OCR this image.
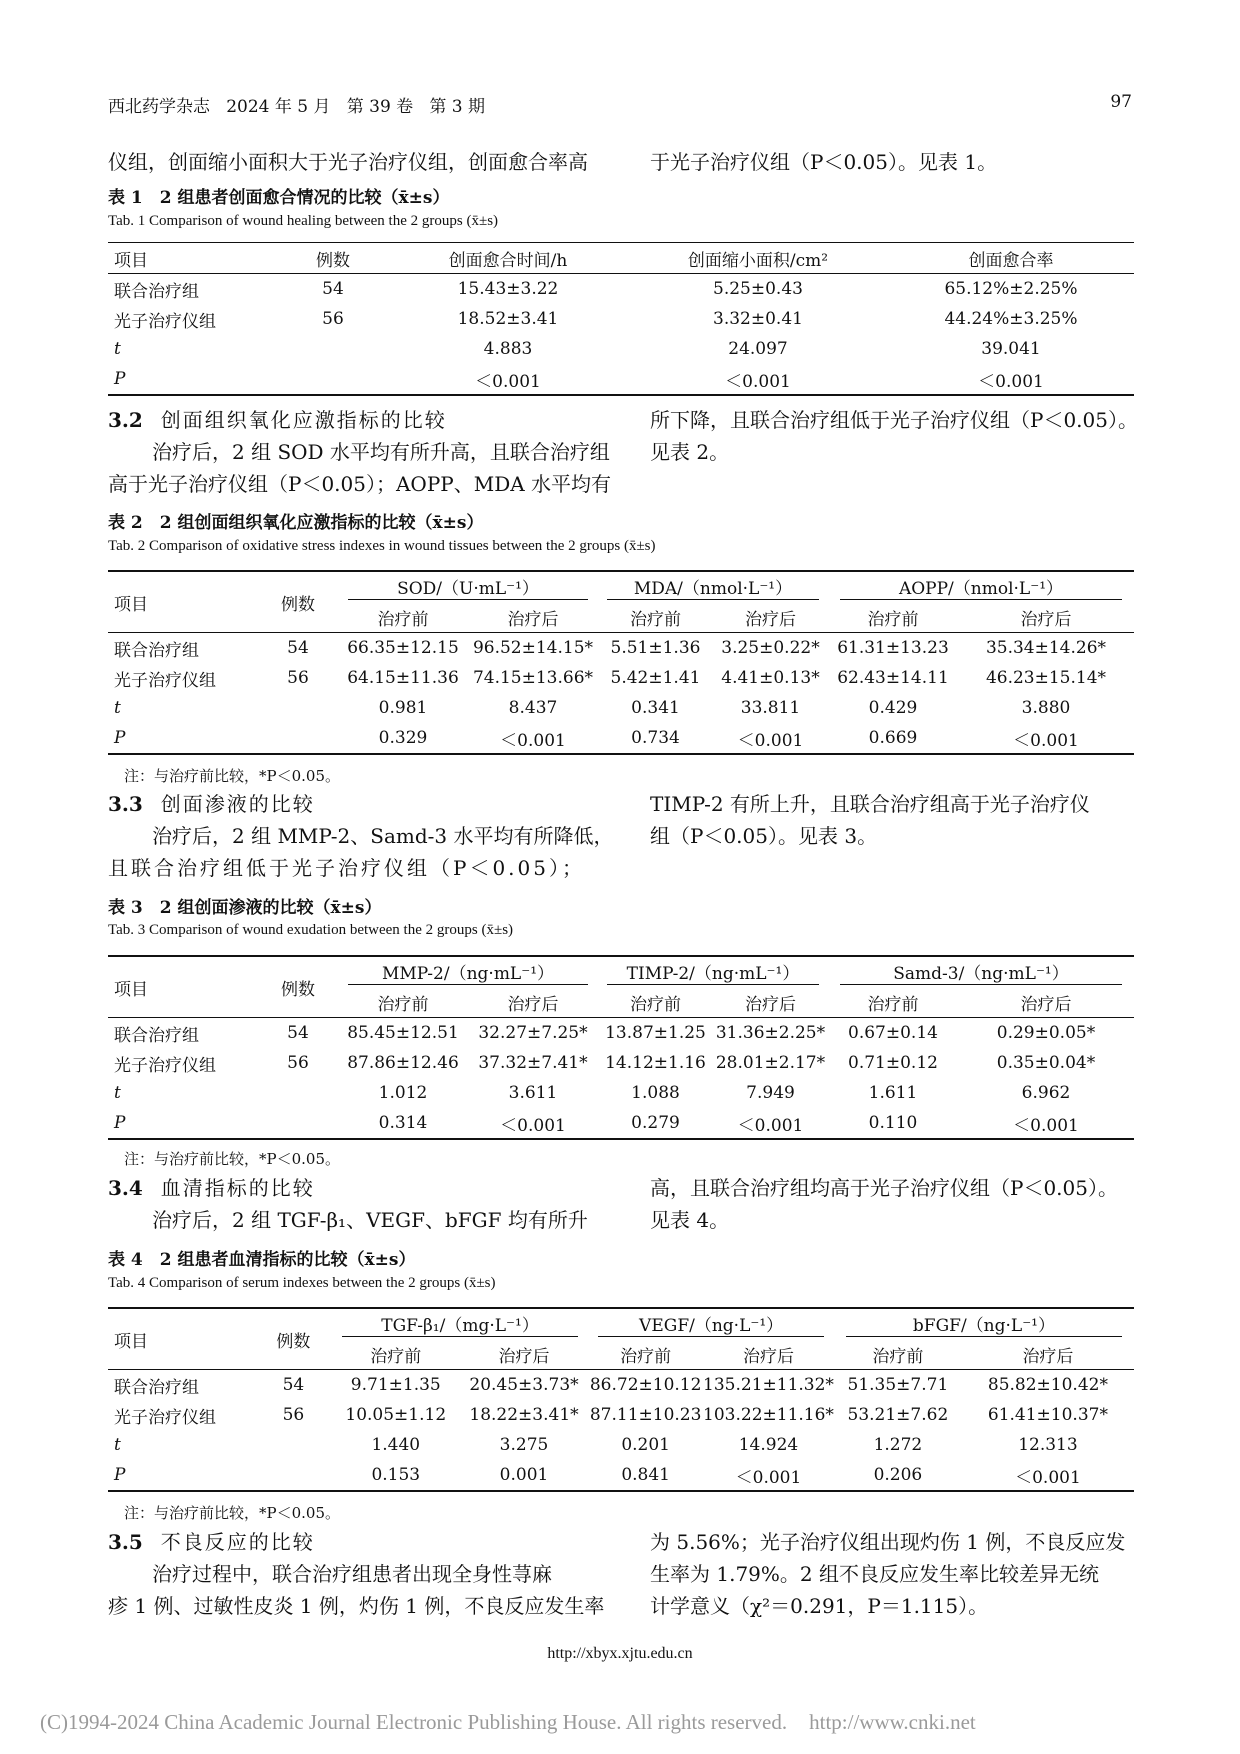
西北药学杂志 2024 年 5 月 第 39 卷 第 3 期	97
仪组，创面缩小面积大于光子治疗仪组，创面愈合率高	于光子治疗仪组（P＜0.05）。见表 1。
表 1　2 组患者创面愈合情况的比较（x̄±s）
Tab. 1 Comparison of wound healing between the 2 groups (x̄±s)
项目	例数	创面愈合时间/h	创面缩小面积/cm²	创面愈合率
联合治疗组	54	15.43±3.22	5.25±0.43	65.12%±2.25%
光子治疗仪组	56	18.52±3.41	3.32±0.41	44.24%±3.25%
t		4.883	24.097	39.041
P		＜0.001	＜0.001	＜0.001
3.2 创面组织氧化应激指标的比较
治疗后，2 组 SOD 水平均有所升高，且联合治疗组
高于光子治疗仪组（P＜0.05）；AOPP、MDA 水平均有
所下降，且联合治疗组低于光子治疗仪组（P＜0.05）。
见表 2。
表 2　2 组创面组织氧化应激指标的比较（x̄±s）
Tab. 2 Comparison of oxidative stress indexes in wound tissues between the 2 groups (x̄±s)
项目	例数	SOD/（U·mL⁻¹）		MDA/（nmol·L⁻¹）		AOPP/（nmol·L⁻¹）	
		治疗前	治疗后	治疗前	治疗后	治疗前	治疗后
联合治疗组	54	66.35±12.15	96.52±14.15*	5.51±1.36	3.25±0.22*	61.31±13.23	35.34±14.26*
光子治疗仪组	56	64.15±11.36	74.15±13.66*	5.42±1.41	4.41±0.13*	62.43±14.11	46.23±15.14*
t		0.981	8.437	0.341	33.811	0.429	3.880
P		0.329	＜0.001	0.734	＜0.001	0.669	＜0.001
注：与治疗前比较，*P＜0.05。
3.3 创面渗液的比较
治疗后，2 组 MMP-2、Samd-3 水平均有所降低，
且联合治疗组低于光子治疗仪组（P＜0.05）；
TIMP-2 有所上升，且联合治疗组高于光子治疗仪
组（P＜0.05）。见表 3。
表 3　2 组创面渗液的比较（x̄±s）
Tab. 3 Comparison of wound exudation between the 2 groups (x̄±s)
项目	例数	MMP-2/（ng·mL⁻¹）		TIMP-2/（ng·mL⁻¹）		Samd-3/（ng·mL⁻¹）	
		治疗前	治疗后	治疗前	治疗后	治疗前	治疗后
联合治疗组	54	85.45±12.51	32.27±7.25*	13.87±1.25	31.36±2.25*	0.67±0.14	0.29±0.05*
光子治疗仪组	56	87.86±12.46	37.32±7.41*	14.12±1.16	28.01±2.17*	0.71±0.12	0.35±0.04*
t		1.012	3.611	1.088	7.949	1.611	6.962
P		0.314	＜0.001	0.279	＜0.001	0.110	＜0.001
注：与治疗前比较，*P＜0.05。
3.4 血清指标的比较
治疗后，2 组 TGF-β₁、VEGF、bFGF 均有所升
高，且联合治疗组均高于光子治疗仪组（P＜0.05）。
见表 4。
表 4　2 组患者血清指标的比较（x̄±s）
Tab. 4 Comparison of serum indexes between the 2 groups (x̄±s)
项目	例数	TGF-β₁/（mg·L⁻¹）		VEGF/（ng·L⁻¹）		bFGF/（ng·L⁻¹）	
		治疗前	治疗后	治疗前	治疗后	治疗前	治疗后
联合治疗组	54	9.71±1.35	20.45±3.73*	86.72±10.12	135.21±11.32*	51.35±7.71	85.82±10.42*
光子治疗仪组	56	10.05±1.12	18.22±3.41*	87.11±10.23	103.22±11.16*	53.21±7.62	61.41±10.37*
t		1.440	3.275	0.201	14.924	1.272	12.313
P		0.153	0.001	0.841	＜0.001	0.206	＜0.001
注：与治疗前比较，*P＜0.05。
3.5 不良反应的比较
治疗过程中，联合治疗组患者出现全身性荨麻
疹 1 例、过敏性皮炎 1 例，灼伤 1 例，不良反应发生率
为 5.56%；光子治疗仪组出现灼伤 1 例，不良反应发
生率为 1.79%。2 组不良反应发生率比较差异无统
计学意义（χ²＝0.291，P＝1.115）。
http://xbyx.xjtu.edu.cn
(C)1994-2024 China Academic Journal Electronic Publishing House. All rights reserved. http://www.cnki.net
